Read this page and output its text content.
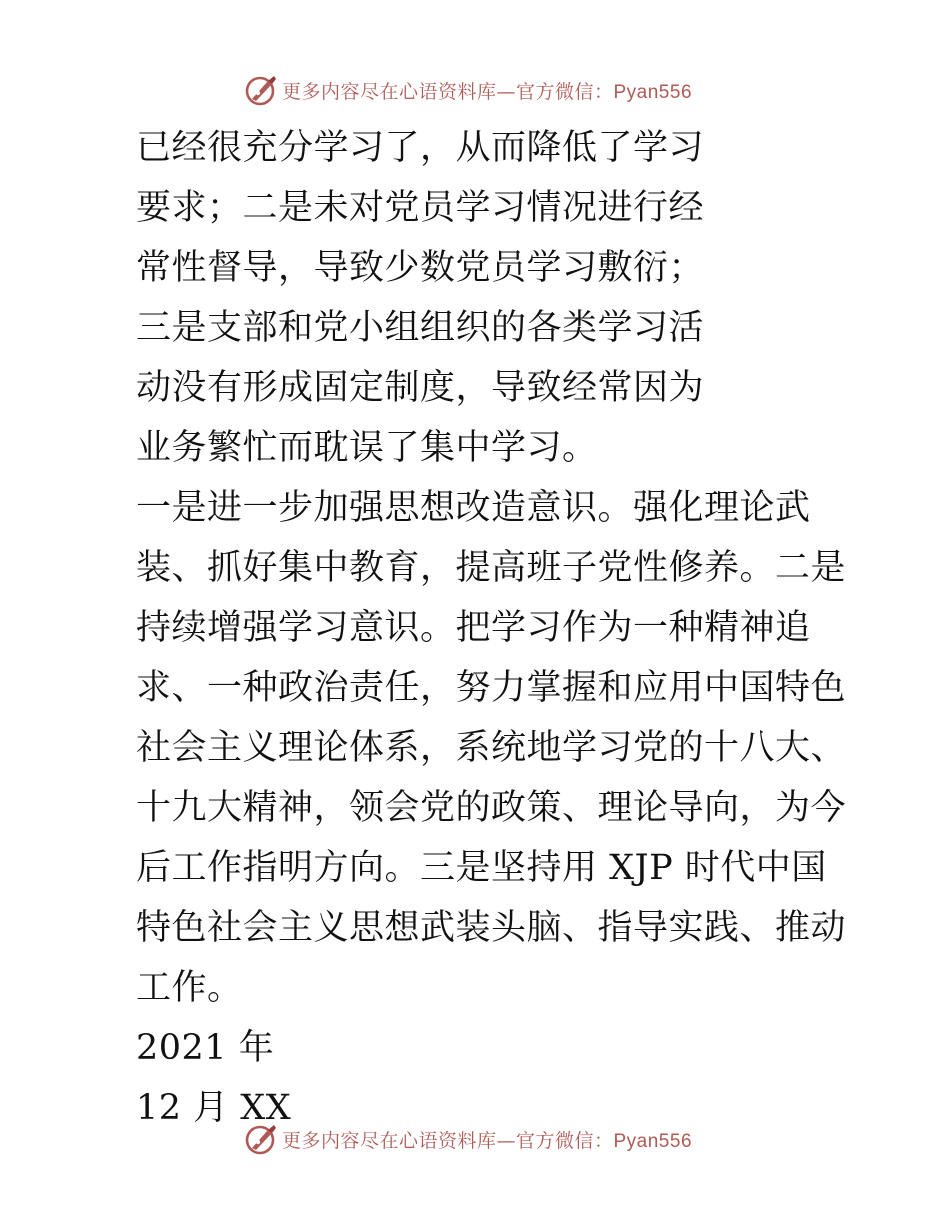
更多内容尽在心语资料库—官方微信：Pyan556
已经很充分学习了，从而降低了学习
要求；二是未对党员学习情况进行经
常性督导，导致少数党员学习敷衍；
三是支部和党小组组织的各类学习活
动没有形成固定制度，导致经常因为
业务繁忙而耽误了集中学习。
一是进一步加强思想改造意识。强化理论武
装、抓好集中教育，提高班子党性修养。二是
持续增强学习意识。把学习作为一种精神追
求、一种政治责任，努力掌握和应用中国特色
社会主义理论体系，系统地学习党的十八大、
十九大精神，领会党的政策、理论导向，为今
后工作指明方向。三是坚持用 XJP 时代中国
特色社会主义思想武装头脑、指导实践、推动
工作。
2021 年
12 月 XX
更多内容尽在心语资料库—官方微信：Pyan556
